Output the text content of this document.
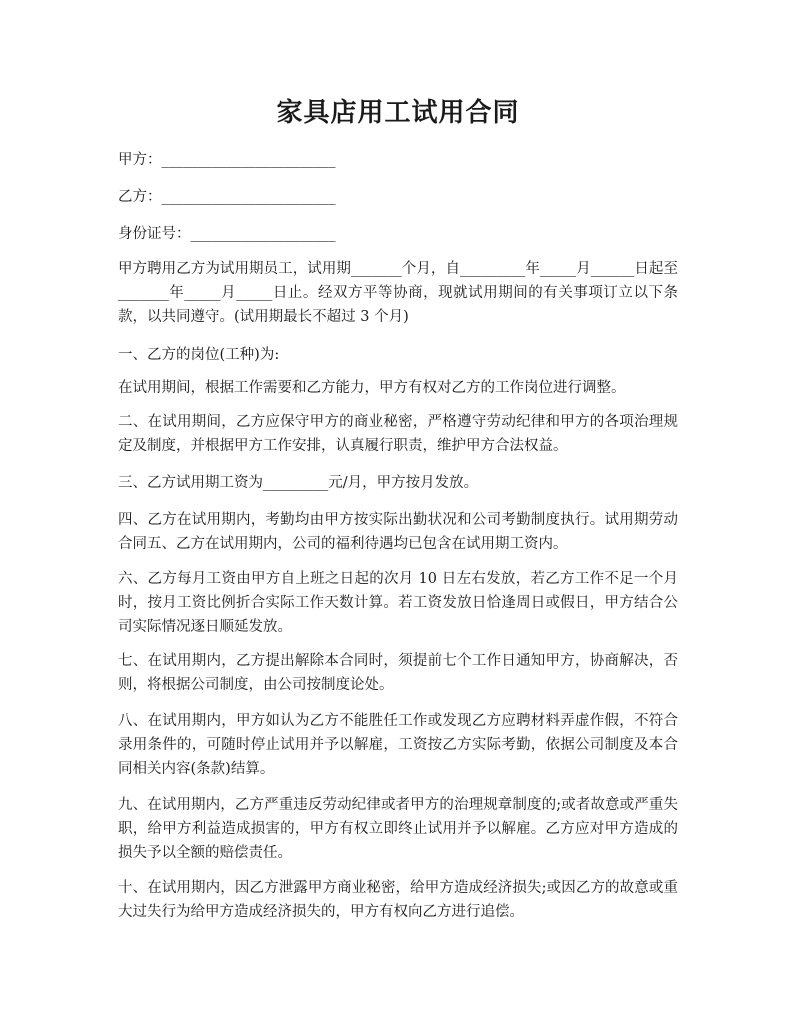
家具店用工试用合同
甲方：________________________
乙方：________________________
身份证号：____________________

甲方聘用乙方为试用期员工，试用期_______个月，自_________年_____月______日起至_______年_____月_____日止。经双方平等协商，现就试用期间的有关事项订立以下条款，以共同遵守。(试用期最长不超过 3 个月)

一、乙方的岗位(工种)为:

在试用期间，根据工作需要和乙方能力，甲方有权对乙方的工作岗位进行调整。

二、在试用期间，乙方应保守甲方的商业秘密，严格遵守劳动纪律和甲方的各项治理规定及制度，并根据甲方工作安排，认真履行职责，维护甲方合法权益。

三、乙方试用期工资为_________元/月，甲方按月发放。

四、乙方在试用期内，考勤均由甲方按实际出勤状况和公司考勤制度执行。试用期劳动合同五、乙方在试用期内，公司的福利待遇均已包含在试用期工资内。

六、乙方每月工资由甲方自上班之日起的次月 10 日左右发放，若乙方工作不足一个月时，按月工资比例折合实际工作天数计算。若工资发放日恰逢周日或假日，甲方结合公司实际情况逐日顺延发放。

七、在试用期内，乙方提出解除本合同时，须提前七个工作日通知甲方，协商解决，否则，将根据公司制度，由公司按制度论处。

八、在试用期内，甲方如认为乙方不能胜任工作或发现乙方应聘材料弄虚作假，不符合录用条件的，可随时停止试用并予以解雇，工资按乙方实际考勤，依据公司制度及本合同相关内容(条款)结算。

九、在试用期内，乙方严重违反劳动纪律或者甲方的治理规章制度的;或者故意或严重失职，给甲方利益造成损害的，甲方有权立即终止试用并予以解雇。乙方应对甲方造成的损失予以全额的赔偿责任。

十、在试用期内，因乙方泄露甲方商业秘密，给甲方造成经济损失;或因乙方的故意或重大过失行为给甲方造成经济损失的，甲方有权向乙方进行追偿。
